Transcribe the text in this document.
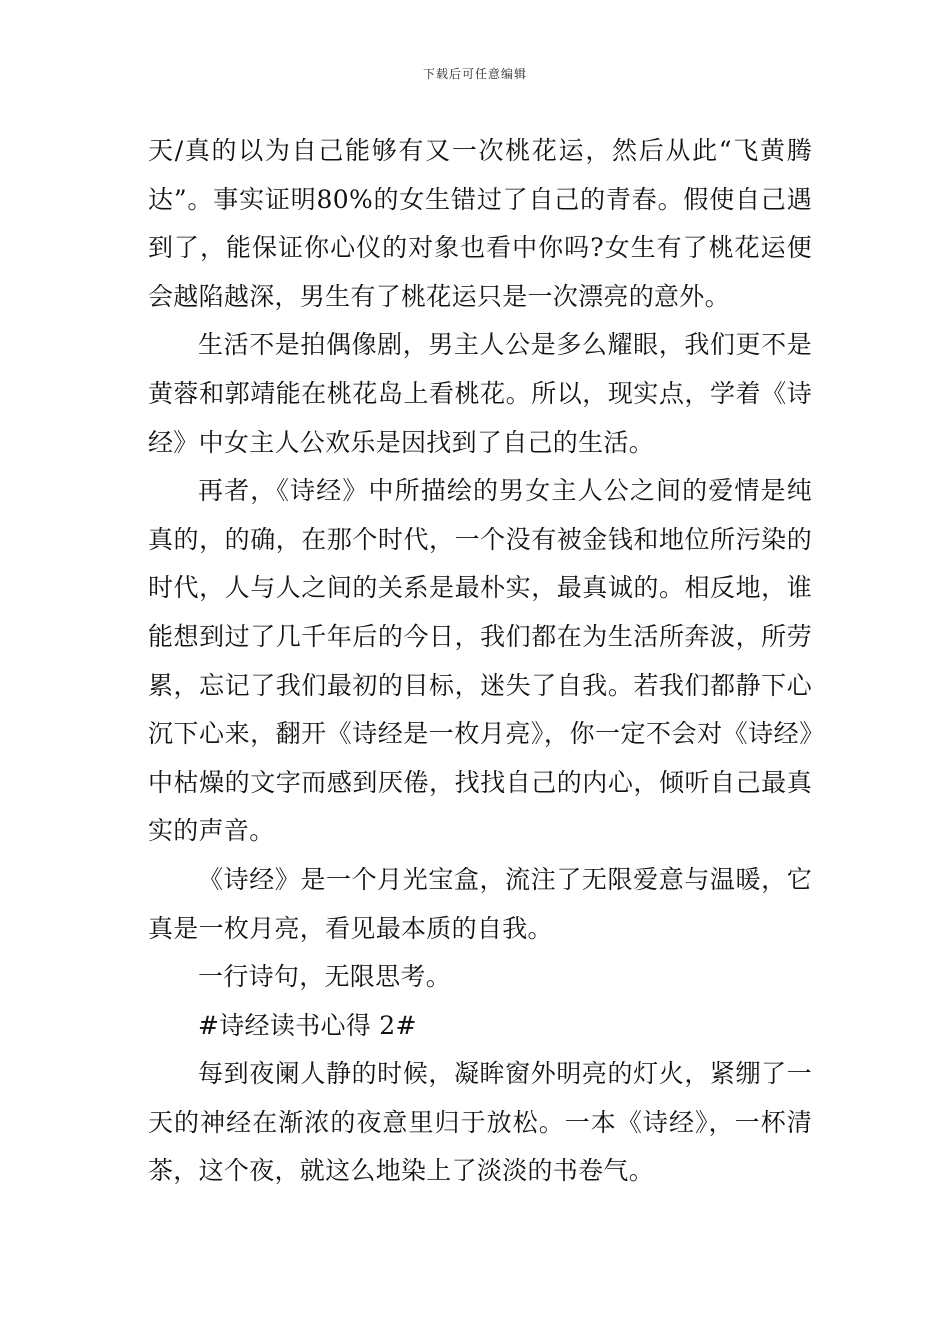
下载后可任意编辑

天/真的以为自己能够有又一次桃花运，然后从此“飞黄腾达”。事实证明80%的女生错过了自己的青春。假使自己遇到了，能保证你心仪的对象也看中你吗?女生有了桃花运便会越陷越深，男生有了桃花运只是一次漂亮的意外。

生活不是拍偶像剧，男主人公是多么耀眼，我们更不是黄蓉和郭靖能在桃花岛上看桃花。所以，现实点，学着《诗经》中女主人公欢乐是因找到了自己的生活。

再者，《诗经》中所描绘的男女主人公之间的爱情是纯真的，的确，在那个时代，一个没有被金钱和地位所污染的时代，人与人之间的关系是最朴实，最真诚的。相反地，谁能想到过了几千年后的今日，我们都在为生活所奔波，所劳累，忘记了我们最初的目标，迷失了自我。若我们都静下心沉下心来，翻开《诗经是一枚月亮》，你一定不会对《诗经》中枯燥的文字而感到厌倦，找找自己的内心，倾听自己最真实的声音。

《诗经》是一个月光宝盒，流注了无限爱意与温暖，它真是一枚月亮，看见最本质的自我。

一行诗句，无限思考。

#诗经读书心得 2#

每到夜阑人静的时候，凝眸窗外明亮的灯火，紧绷了一天的神经在渐浓的夜意里归于放松。一本《诗经》，一杯清茶，这个夜，就这么地染上了淡淡的书卷气。
